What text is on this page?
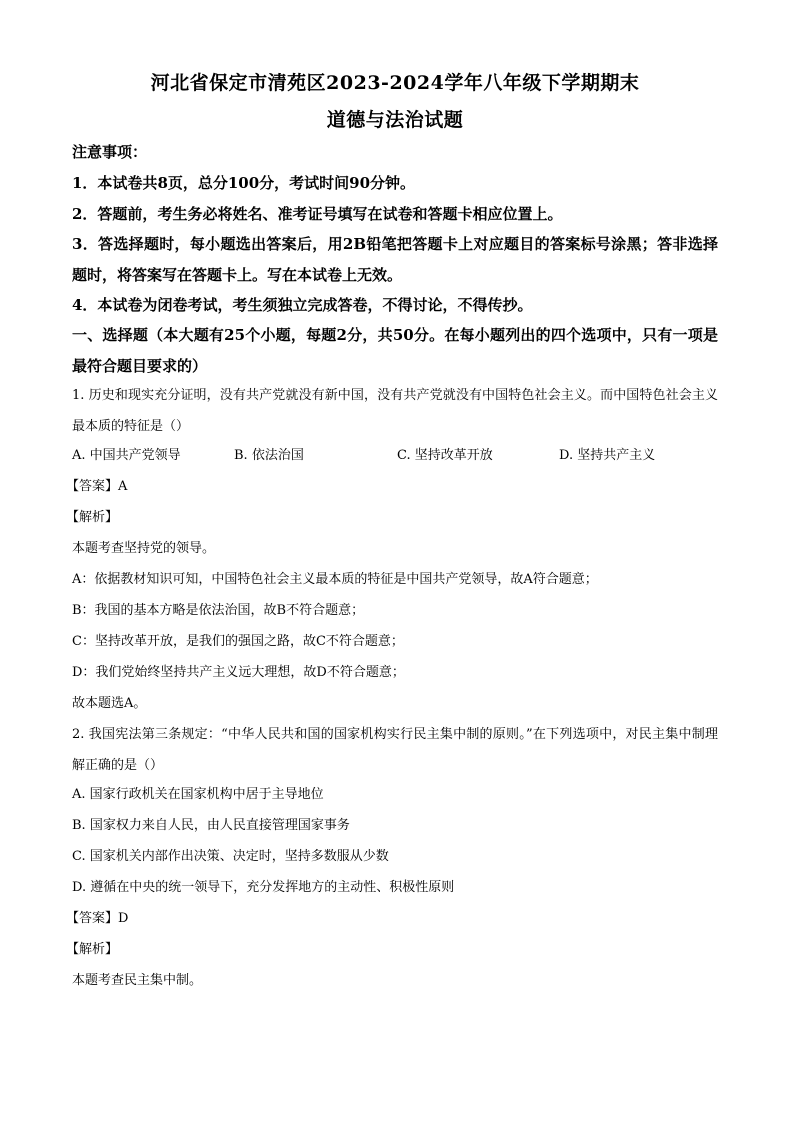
河北省保定市清苑区2023-2024学年八年级下学期期末
道德与法治试题

注意事项：

1．本试卷共8页，总分100分，考试时间90分钟。

2．答题前，考生务必将姓名、准考证号填写在试卷和答题卡相应位置上。

3．答选择题时，每小题选出答案后，用2B铅笔把答题卡上对应题目的答案标号涂黑；答非选择题时，将答案写在答题卡上。写在本试卷上无效。

4．本试卷为闭卷考试，考生须独立完成答卷，不得讨论，不得传抄。

一、选择题（本大题有25个小题，每题2分，共50分。在每小题列出的四个选项中，只有一项是最符合题目要求的）

1. 历史和现实充分证明，没有共产党就没有新中国，没有共产党就没有中国特色社会主义。而中国特色社会主义最本质的特征是（）

A. 中国共产党领导	B. 依法治国	C. 坚持改革开放	D. 坚持共产主义

【答案】A

【解析】

本题考查坚持党的领导。

A：依据教材知识可知，中国特色社会主义最本质的特征是中国共产党领导，故A符合题意；

B：我国的基本方略是依法治国，故B不符合题意；

C：坚持改革开放，是我们的强国之路，故C不符合题意；

D：我们党始终坚持共产主义远大理想，故D不符合题意；

故本题选A。

2. 我国宪法第三条规定：“中华人民共和国的国家机构实行民主集中制的原则。”在下列选项中，对民主集中制理解正确的是（）

A. 国家行政机关在国家机构中居于主导地位

B. 国家权力来自人民，由人民直接管理国家事务

C. 国家机关内部作出决策、决定时，坚持多数服从少数

D. 遵循在中央的统一领导下，充分发挥地方的主动性、积极性原则

【答案】D

【解析】

本题考查民主集中制。
